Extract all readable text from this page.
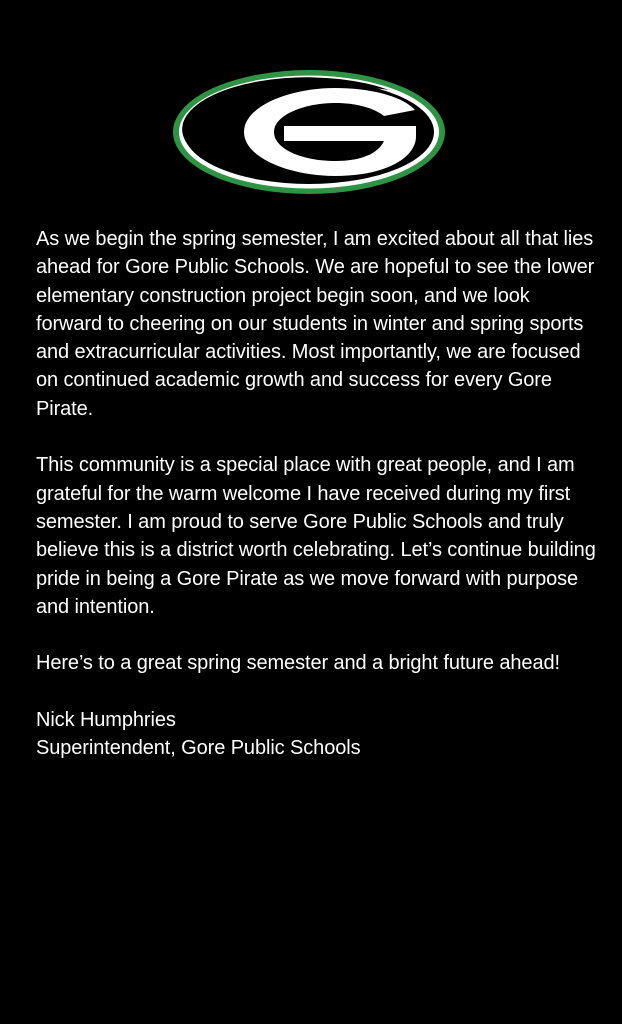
As we begin the spring semester, I am excited about all that lies ahead for Gore Public Schools. We are hopeful to see the lower elementary construction project begin soon, and we look forward to cheering on our students in winter and spring sports and extracurricular activities. Most importantly, we are focused on continued academic growth and success for every Gore Pirate.

This community is a special place with great people, and I am grateful for the warm welcome I have received during my first semester. I am proud to serve Gore Public Schools and truly believe this is a district worth celebrating. Let’s continue building pride in being a Gore Pirate as we move forward with purpose and intention.

Here’s to a great spring semester and a bright future ahead!

Nick Humphries
Superintendent, Gore Public Schools
